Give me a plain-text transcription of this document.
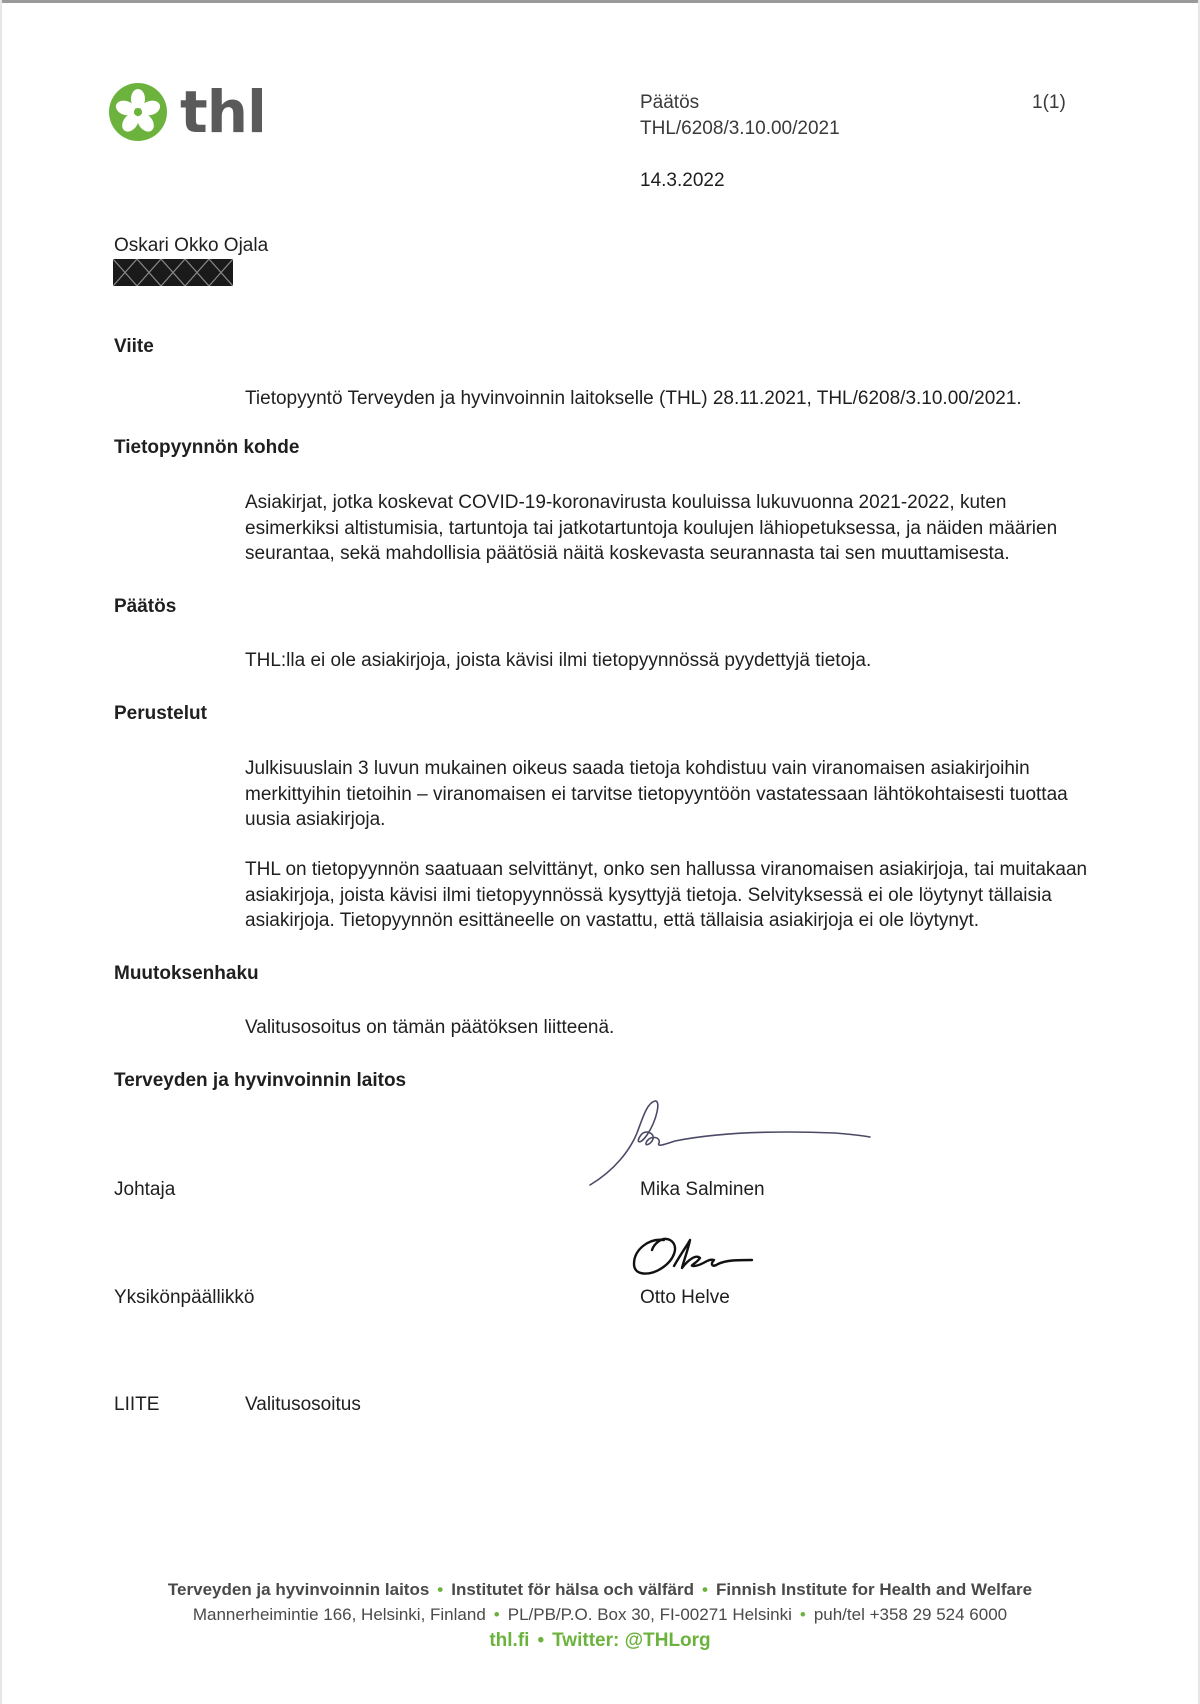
thl	Päätös
THL/6208/3.10.00/2021
1(1)
14.3.2022
Oskari Okko Ojala
Viite

Tietopyyntö Terveyden ja hyvinvoinnin laitokselle (THL) 28.11.2021, THL/6208/3.10.00/2021.

Tietopyynnön kohde

Asiakirjat, jotka koskevat COVID-19-koronavirusta kouluissa lukuvuonna 2021-2022, kuten esimerkiksi altistumisia, tartuntoja tai jatkotartuntoja koulujen lähiopetuksessa, ja näiden määrien seurantaa, sekä mahdollisia päätösiä näitä koskevasta seurannasta tai sen muuttamisesta.

Päätös

THL:lla ei ole asiakirjoja, joista kävisi ilmi tietopyynnössä pyydettyjä tietoja.

Perustelut

Julkisuuslain 3 luvun mukainen oikeus saada tietoja kohdistuu vain viranomaisen asiakirjoihin merkittyihin tietoihin – viranomaisen ei tarvitse tietopyyntöön vastatessaan lähtökohtaisesti tuottaa uusia asiakirjoja.

THL on tietopyynnön saatuaan selvittänyt, onko sen hallussa viranomaisen asiakirjoja, tai muitakaan asiakirjoja, joista kävisi ilmi tietopyynnössä kysyttyjä tietoja. Selvityksessä ei ole löytynyt tällaisia asiakirjoja. Tietopyynnön esittäneelle on vastattu, että tällaisia asiakirjoja ei ole löytynyt.

Muutoksenhaku

Valitusosoitus on tämän päätöksen liitteenä.

Terveyden ja hyvinvoinnin laitos
Johtaja	Mika Salminen
Yksikönpäällikkö	Otto Helve
LIITE	Valitusosoitus
Terveyden ja hyvinvoinnin laitos • Institutet för hälsa och välfärd • Finnish Institute for Health and Welfare
Mannerheimintie 166, Helsinki, Finland • PL/PB/P.O. Box 30, FI-00271 Helsinki • puh/tel +358 29 524 6000
thl.fi • Twitter: @THLorg
